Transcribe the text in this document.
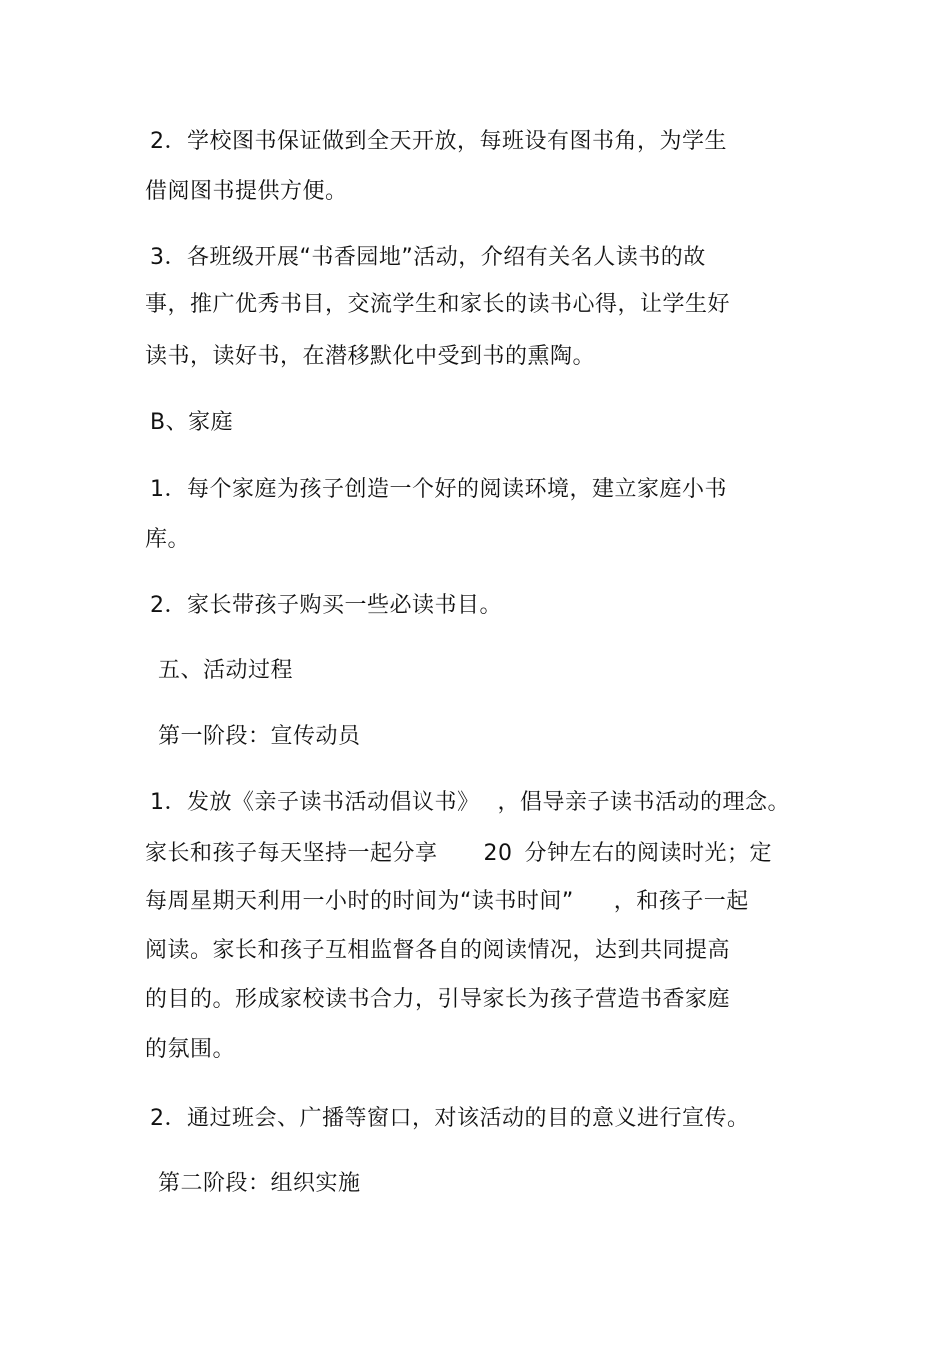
2．学校图书保证做到全天开放，每班设有图书角，为学生
借阅图书提供方便。
3．各班级开展“书香园地”活动，介绍有关名人读书的故
事，推广优秀书目，交流学生和家长的读书心得，让学生好
读书，读好书，在潜移默化中受到书的熏陶。
B、家庭
1．每个家庭为孩子创造一个好的阅读环境，建立家庭小书
库。
2．家长带孩子购买一些必读书目。
五、活动过程
第一阶段：宣传动员
1．发放《亲子读书活动倡议书》 ，倡导亲子读书活动的理念。
家长和孩子每天坚持一起分享 20 分钟左右的阅读时光；定
每周星期天利用一小时的时间为“读书时间” ，和孩子一起
阅读。家长和孩子互相监督各自的阅读情况，达到共同提高
的目的。形成家校读书合力，引导家长为孩子营造书香家庭
的氛围。
2．通过班会、广播等窗口，对该活动的目的意义进行宣传。
第二阶段：组织实施
